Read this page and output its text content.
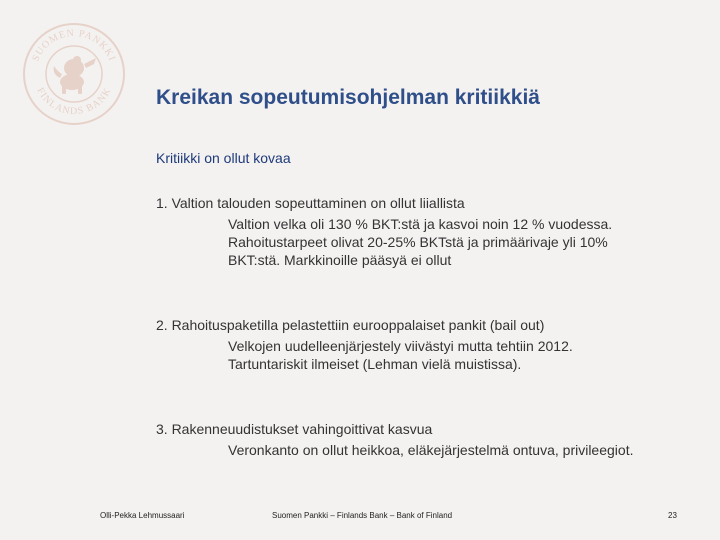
SUOMEN PANKKI
FINLANDS BANK Kreikan sopeutumisohjelman kritiikkiä
Kritiikki on ollut kovaa
1. Valtion talouden sopeuttaminen on ollut liiallista
Valtion velka oli 130 % BKT:stä ja kasvoi noin 12 % vuodessa. Rahoitustarpeet olivat 20-25% BKTstä ja primäärivaje yli 10% BKT:stä. Markkinoille pääsyä ei ollut
2. Rahoituspaketilla pelastettiin eurooppalaiset pankit (bail out)
Velkojen uudelleenjärjestely viivästyi mutta tehtiin 2012. Tartuntariskit ilmeiset (Lehman vielä muistissa).
3. Rakenneuudistukset vahingoittivat kasvua
Veronkanto on ollut heikkoa, eläkejärjestelmä ontuva, privileegiot.
Olli-Pekka Lehmussaari	Suomen Pankki – Finlands Bank – Bank of Finland	23
